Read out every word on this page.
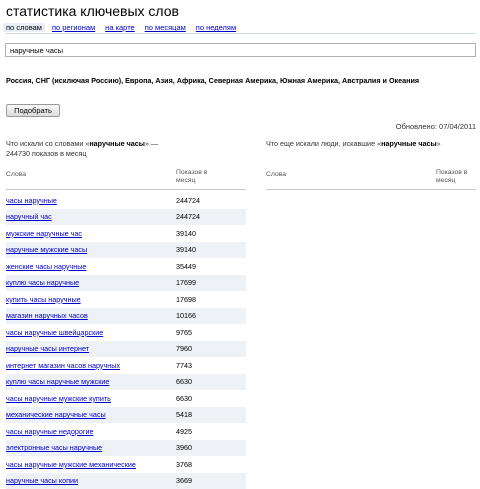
статистика ключевых слов
по словам	по регионам на карте по месяцам по неделям
наручные часы
Россия, СНГ (исключая Россию), Европа, Азия, Африка, Северная Америка, Южная Америка, Австралия и Океания
Подобрать
Обновлено: 07/04/2011
Что искали со словами «наручные часы» — 244730 показов в месяц
Что еще искали люди, искавшие «наручные часы»
Слова	Показов в месяц
Слова	Показов в месяц
часы наручные	244724
наручный час	244724
мужские наручные час	39140
наручные мужские часы	39140
женские часы наручные	35449
куплю часы наручные	17699
купить часы наручные	17698
магазин наручных часов	10166
часы наручные швейцарские	9765
наручные часы интернет	7960
интернет магазин часов наручных	7743
куплю часы наручные мужские	6630
часы наручные мужские купить	6630
механические наручные часы	5418
часы наручные недорогие	4925
электронные часы наручные	3960
часы наручные мужские механические	3768
наручные часы копии	3669
